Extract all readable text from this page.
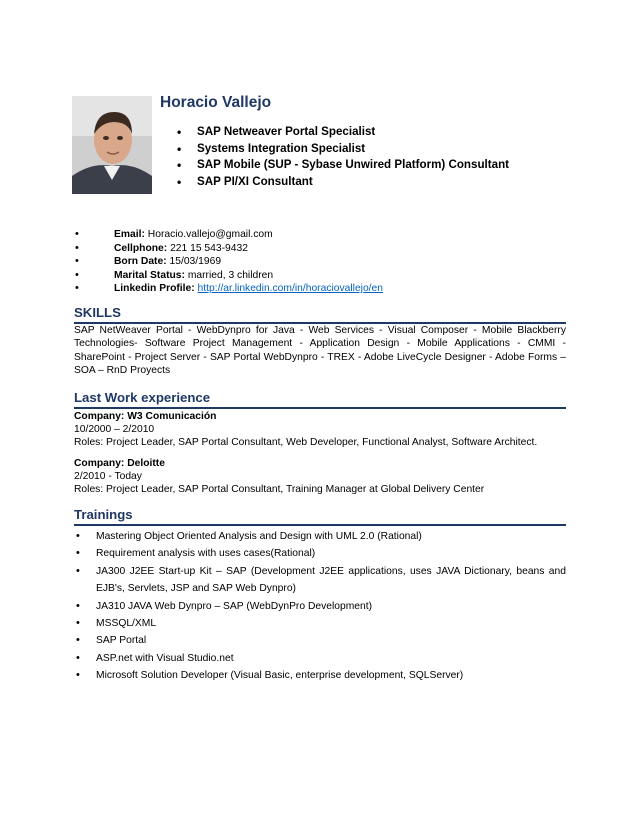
Horacio Vallejo
• SAP Netweaver Portal Specialist
• Systems Integration Specialist
• SAP Mobile (SUP - Sybase Unwired Platform) Consultant
• SAP PI/XI Consultant
• Email: Horacio.vallejo@gmail.com
• Cellphone: 221 15 543-9432
• Born Date: 15/03/1969
• Marital Status: married, 3 children
• Linkedin Profile: http://ar.linkedin.com/in/horaciovallejo/en
SKILLS
SAP NetWeaver Portal - WebDynpro for Java - Web Services - Visual Composer - Mobile Blackberry Technologies- Software Project Management - Application Design - Mobile Applications - CMMI - SharePoint - Project Server - SAP Portal WebDynpro - TREX - Adobe LiveCycle Designer - Adobe Forms – SOA – RnD Proyects
Last Work experience
Company: W3 Comunicación
10/2000 – 2/2010
Roles: Project Leader, SAP Portal Consultant, Web Developer, Functional Analyst, Software Architect.
Company: Deloitte
2/2010 - Today
Roles: Project Leader, SAP Portal Consultant, Training Manager at Global Delivery Center
Trainings
• Mastering Object Oriented Analysis and Design with UML 2.0 (Rational)
• Requirement analysis with uses cases(Rational)
• JA300 J2EE Start-up Kit – SAP (Development J2EE applications, uses JAVA Dictionary, beans and EJB's, Servlets, JSP and SAP Web Dynpro)
• JA310 JAVA Web Dynpro – SAP (WebDynPro Development)
• MSSQL/XML
• SAP Portal
• ASP.net with Visual Studio.net
• Microsoft Solution Developer (Visual Basic, enterprise development, SQLServer)
